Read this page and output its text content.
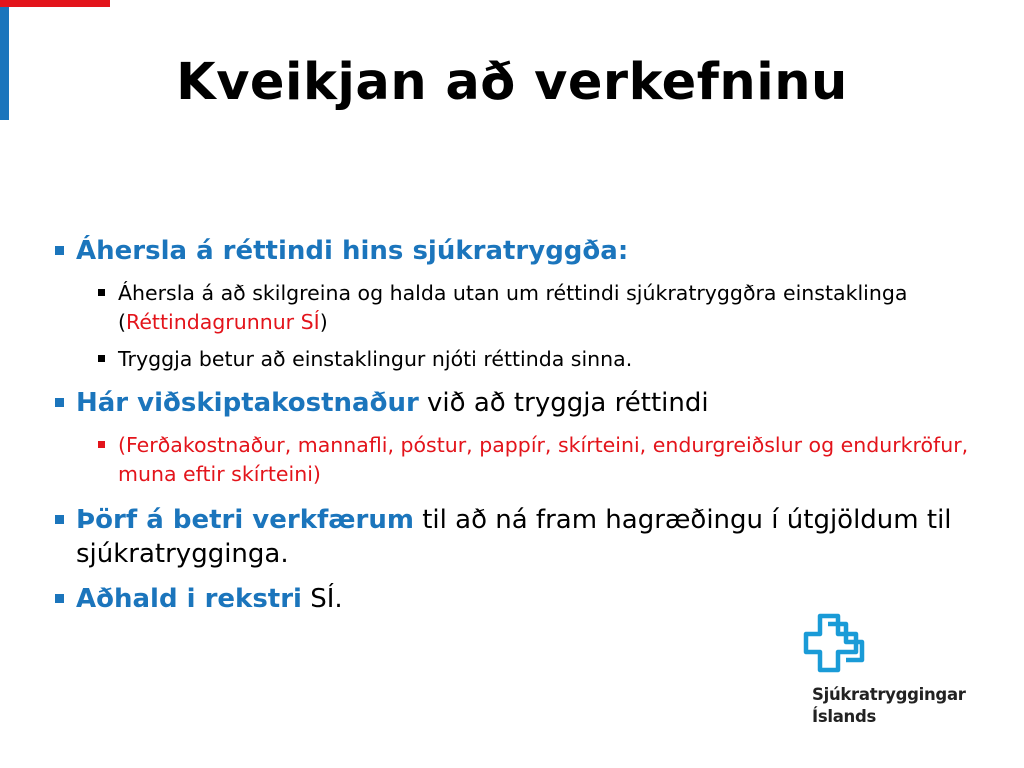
Kveikjan að verkefninu
Áhersla á réttindi hins sjúkratryggða:
Áhersla á að skilgreina og halda utan um réttindi sjúkratryggðra einstaklinga (Réttindagrunnur SÍ)
Tryggja betur að einstaklingur njóti réttinda sinna.
Hár viðskiptakostnaður við að tryggja réttindi
(Ferðakostnaður, mannafli, póstur, pappír, skírteini, endurgreiðslur og endurkröfur, muna eftir skírteini)
Þörf á betri verkfærum til að ná fram hagræðingu í útgjöldum til sjúkratrygginga.
Aðhald i rekstri SÍ.
Sjúkratryggingar
Íslands
